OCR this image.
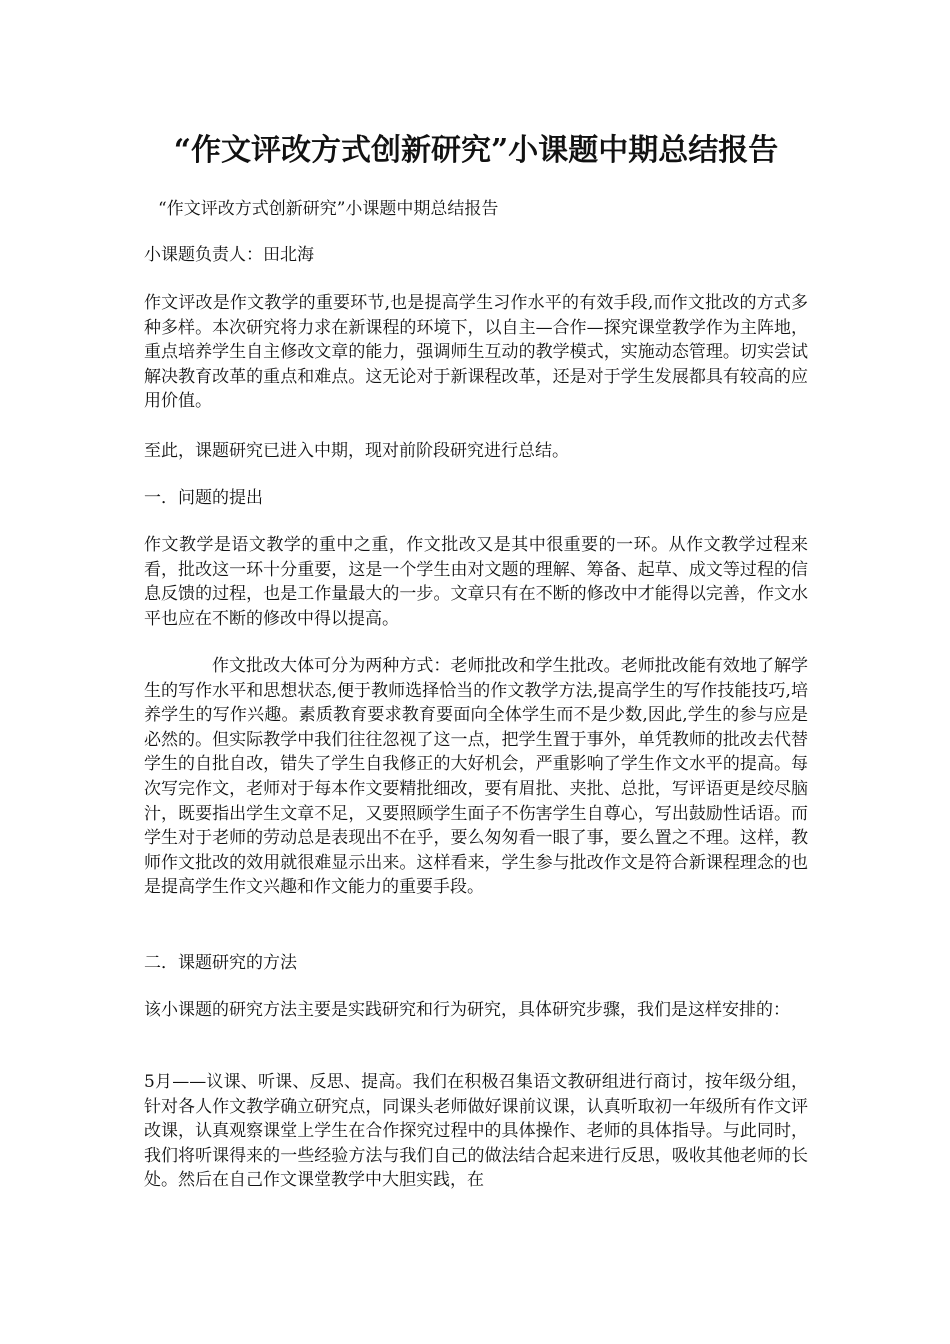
“作文评改方式创新研究”小课题中期总结报告

“作文评改方式创新研究”小课题中期总结报告

小课题负责人：田北海

作文评改是作文教学的重要环节,也是提高学生习作水平的有效手段,而作文批改的方式多种多样。本次研究将力求在新课程的环境下，以自主—合作—探究课堂教学作为主阵地，重点培养学生自主修改文章的能力，强调师生互动的教学模式，实施动态管理。切实尝试解决教育改革的重点和难点。这无论对于新课程改革，还是对于学生发展都具有较高的应用价值。

至此，课题研究已进入中期，现对前阶段研究进行总结。

一．问题的提出

作文教学是语文教学的重中之重，作文批改又是其中很重要的一环。从作文教学过程来看，批改这一环十分重要，这是一个学生由对文题的理解、筹备、起草、成文等过程的信息反馈的过程，也是工作量最大的一步。文章只有在不断的修改中才能得以完善，作文水平也应在不断的修改中得以提高。

作文批改大体可分为两种方式：老师批改和学生批改。老师批改能有效地了解学生的写作水平和思想状态,便于教师选择恰当的作文教学方法,提高学生的写作技能技巧,培养学生的写作兴趣。素质教育要求教育要面向全体学生而不是少数,因此,学生的参与应是必然的。但实际教学中我们往往忽视了这一点，把学生置于事外，单凭教师的批改去代替学生的自批自改，错失了学生自我修正的大好机会，严重影响了学生作文水平的提高。每次写完作文，老师对于每本作文要精批细改，要有眉批、夹批、总批，写评语更是绞尽脑汁，既要指出学生文章不足，又要照顾学生面子不伤害学生自尊心，写出鼓励性话语。而学生对于老师的劳动总是表现出不在乎，要么匆匆看一眼了事，要么置之不理。这样，教师作文批改的效用就很难显示出来。这样看来，学生参与批改作文是符合新课程理念的也是提高学生作文兴趣和作文能力的重要手段。

二．课题研究的方法

该小课题的研究方法主要是实践研究和行为研究，具体研究步骤，我们是这样安排的：

5月——议课、听课、反思、提高。我们在积极召集语文教研组进行商讨，按年级分组，针对各人作文教学确立研究点，同课头老师做好课前议课，认真听取初一年级所有作文评改课，认真观察课堂上学生在合作探究过程中的具体操作、老师的具体指导。与此同时，我们将听课得来的一些经验方法与我们自己的做法结合起来进行反思，吸收其他老师的长处。然后在自己作文课堂教学中大胆实践，在
